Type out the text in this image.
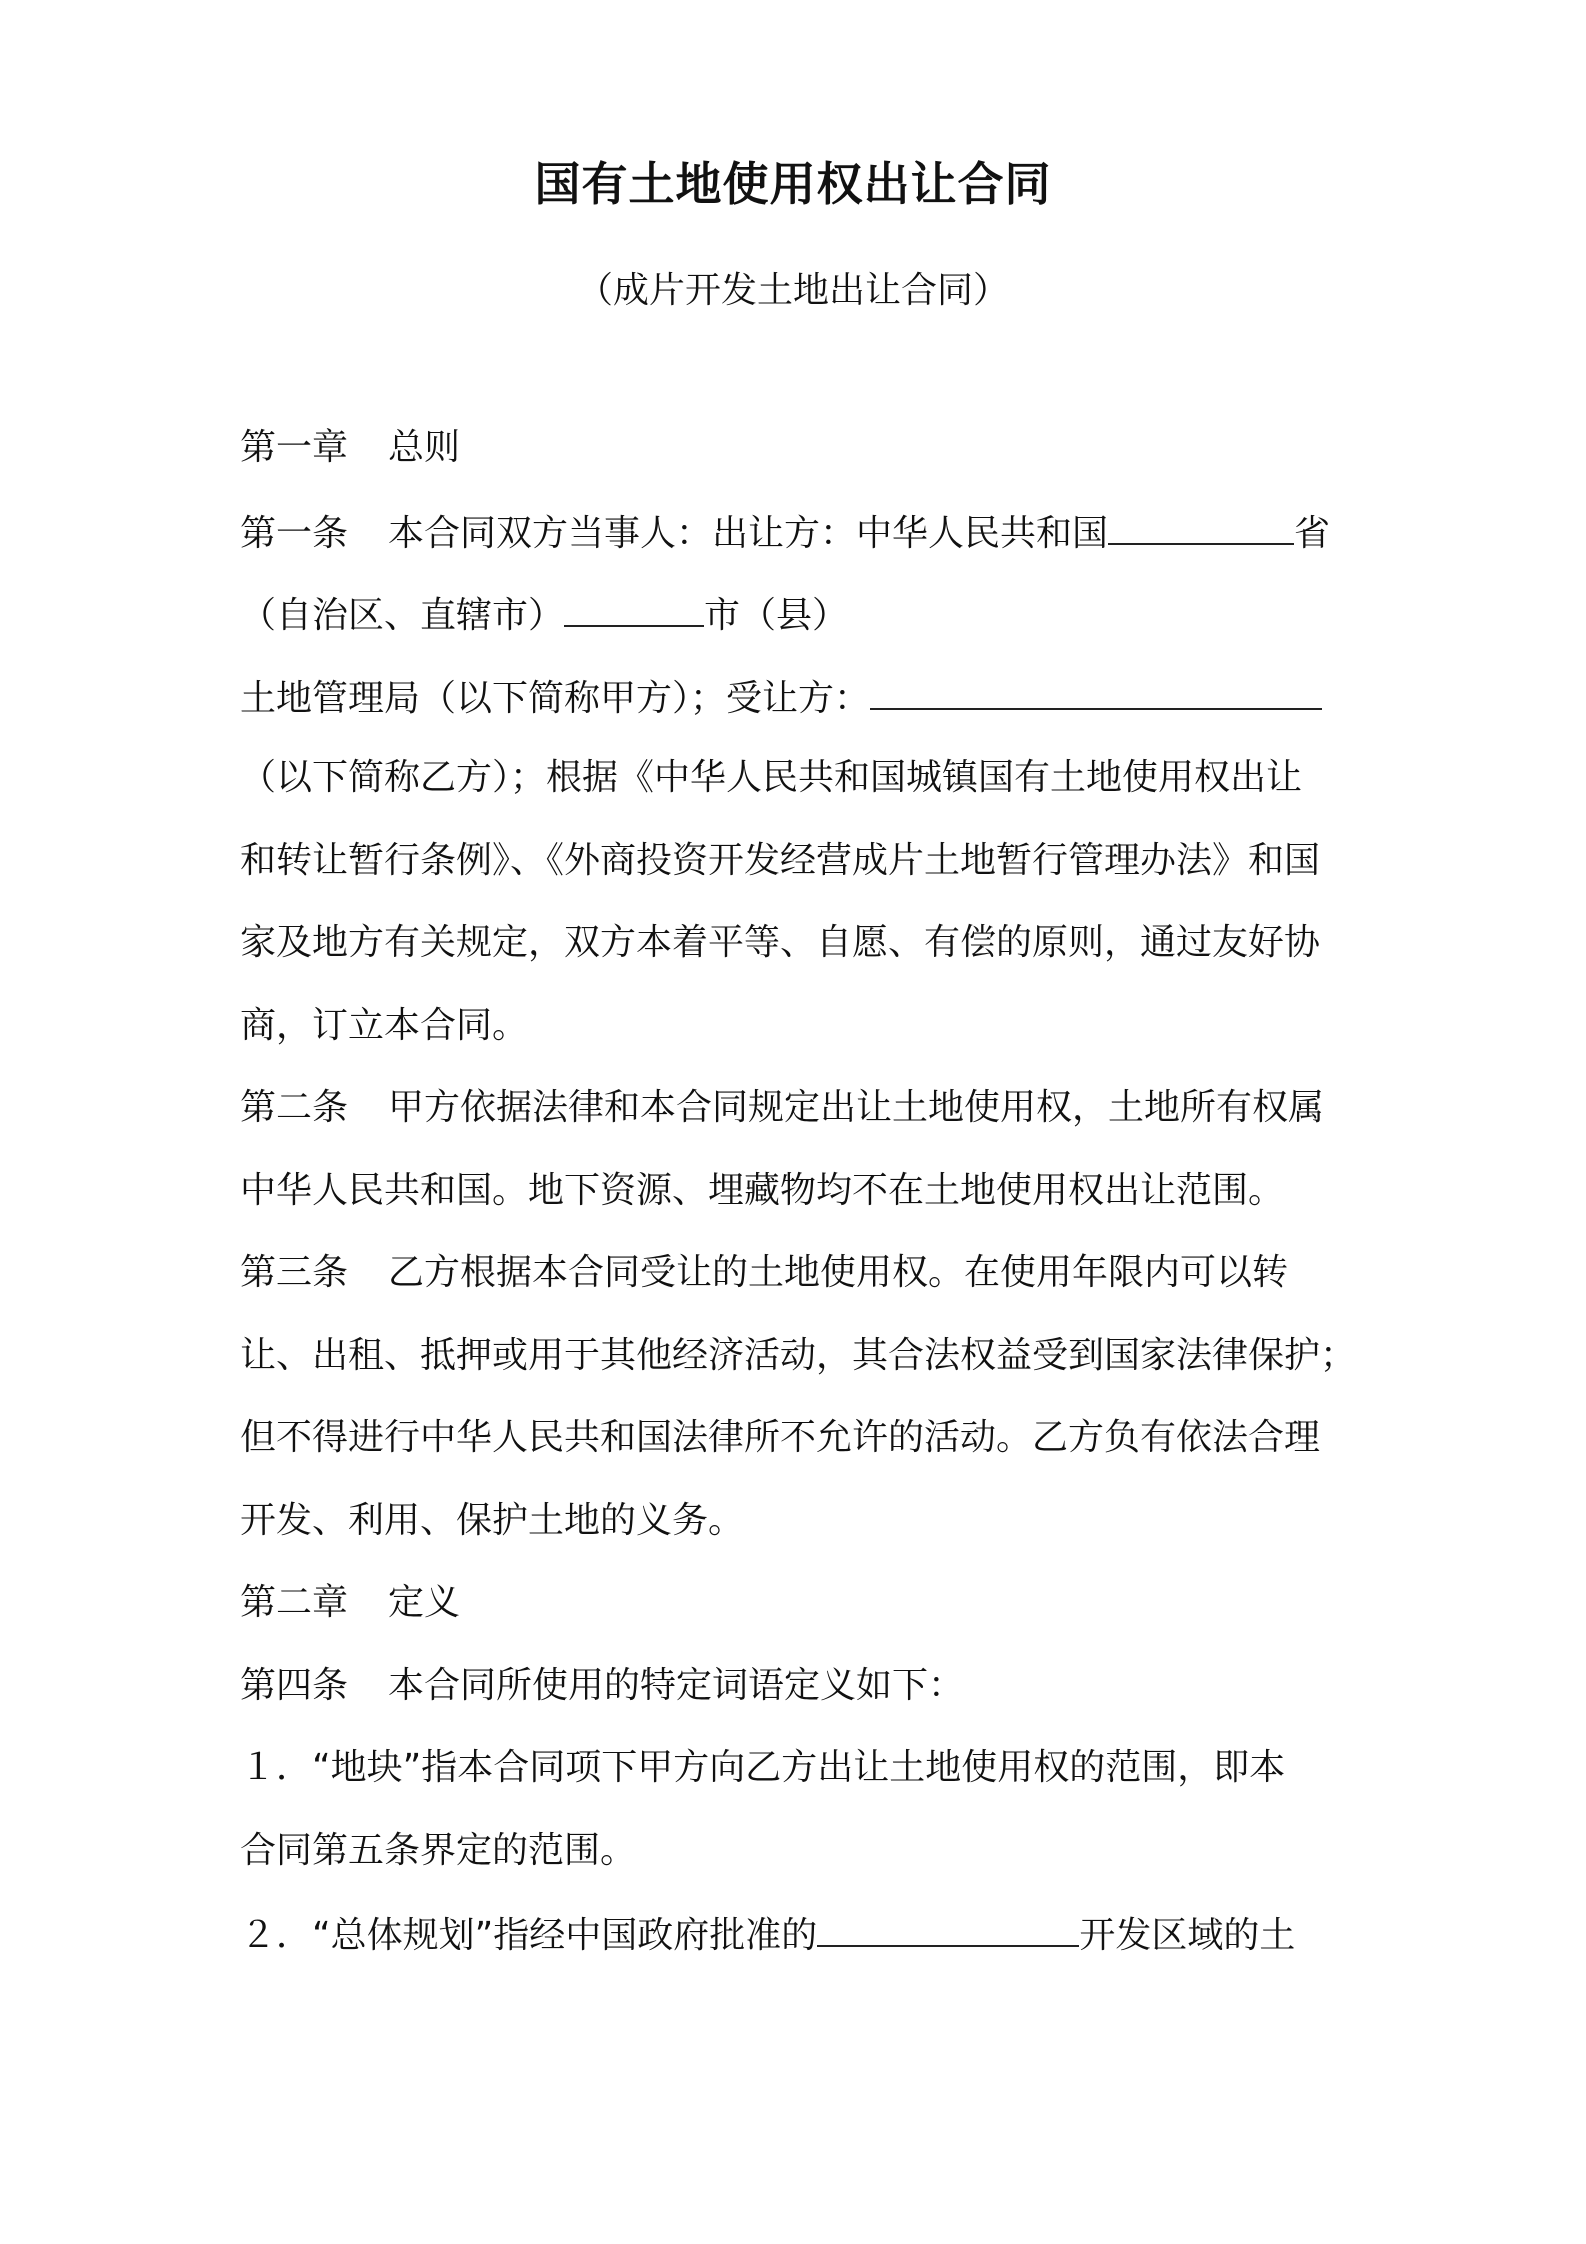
国有土地使用权出让合同
（成片开发土地出让合同）
第一章 总则
第一条 本合同双方当事人：出让方：中华人民共和国	省
（自治区、直辖市）	市（县）
土地管理局（以下简称甲方）；受让方：
（以下简称乙方）；根据《中华人民共和国城镇国有土地使用权出让
和转让暂行条例》、《外商投资开发经营成片土地暂行管理办法》和国
家及地方有关规定，双方本着平等、自愿、有偿的原则，通过友好协
商，订立本合同。
第二条 甲方依据法律和本合同规定出让土地使用权，土地所有权属
中华人民共和国。地下资源、埋藏物均不在土地使用权出让范围。
第三条 乙方根据本合同受让的土地使用权。在使用年限内可以转
让、出租、抵押或用于其他经济活动，其合法权益受到国家法律保护；
但不得进行中华人民共和国法律所不允许的活动。乙方负有依法合理
开发、利用、保护土地的义务。
第二章 定义
第四条 本合同所使用的特定词语定义如下：
１．“地块”指本合同项下甲方向乙方出让土地使用权的范围，即本
合同第五条界定的范围。
２．“总体规划”指经中国政府批准的	开发区域的土
